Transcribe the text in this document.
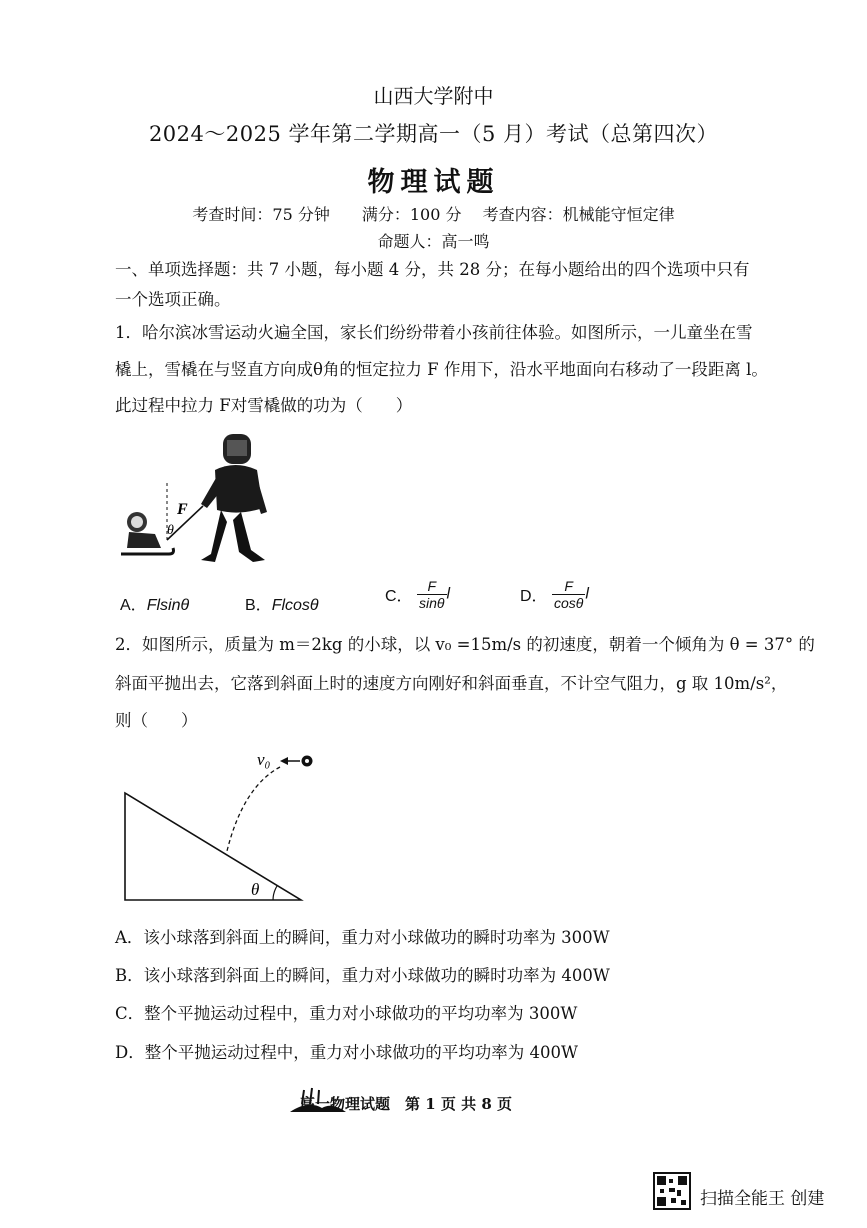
山西大学附中
2024～2025 学年第二学期高一（5 月）考试（总第四次）
物理试题
考查时间：75 分钟　　满分：100 分　 考查内容：机械能守恒定律
命题人：高一鸣
一、单项选择题：共 7 小题，每小题 4 分，共 28 分；在每小题给出的四个选项中只有
一个选项正确。
1．哈尔滨冰雪运动火遍全国，家长们纷纷带着小孩前往体验。如图所示，一儿童坐在雪
橇上，雪橇在与竖直方向成θ角的恒定拉力 F 作用下，沿水平地面向右移动了一段距离 l。
此过程中拉力 F对雪橇做的功为（　　）
F
θ
A．Flsinθ	B．Flcosθ
C． $\frac{F}{\sin\theta}$ l	D． $\frac{F}{\cos\theta}$ l
2．如图所示，质量为 m＝2kg 的小球，以 v₀ =15m/s 的初速度，朝着一个倾角为 θ = 37° 的
斜面平抛出去，它落到斜面上时的速度方向刚好和斜面垂直，不计空气阻力，g 取 10m/s²，
则（　　）
θ
v₀
A．该小球落到斜面上的瞬间，重力对小球做功的瞬时功率为 300W
B．该小球落到斜面上的瞬间，重力对小球做功的瞬时功率为 400W
C．整个平抛运动过程中，重力对小球做功的平均功率为 300W
D．整个平抛运动过程中，重力对小球做功的平均功率为 400W
高一物理试题　第 1 页 共 8 页
扫描全能王 创建
